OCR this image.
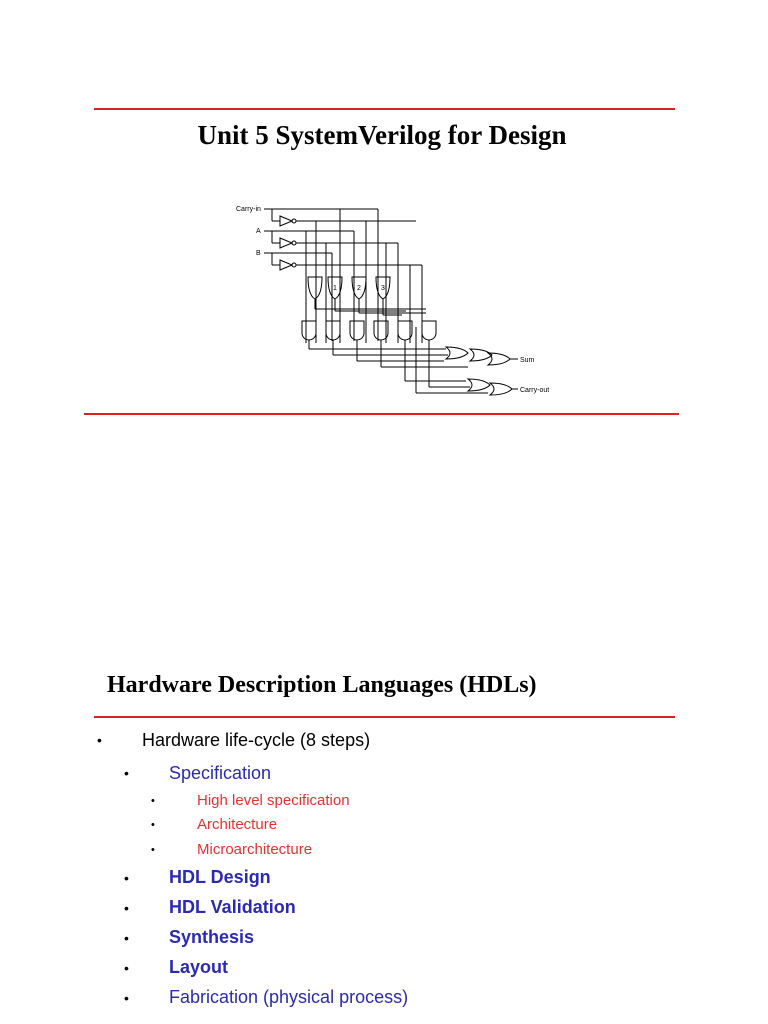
Unit 5 SystemVerilog for Design
Carry-in
A
B
1	2	3
Sum
Carry-out
Hardware Description Languages (HDLs)
• Hardware life-cycle (8 steps)
• Specification
•	High level specification
•	Architecture
•	Microarchitecture
• HDL Design
• HDL Validation
• Synthesis
• Layout
• Fabrication (physical process)
